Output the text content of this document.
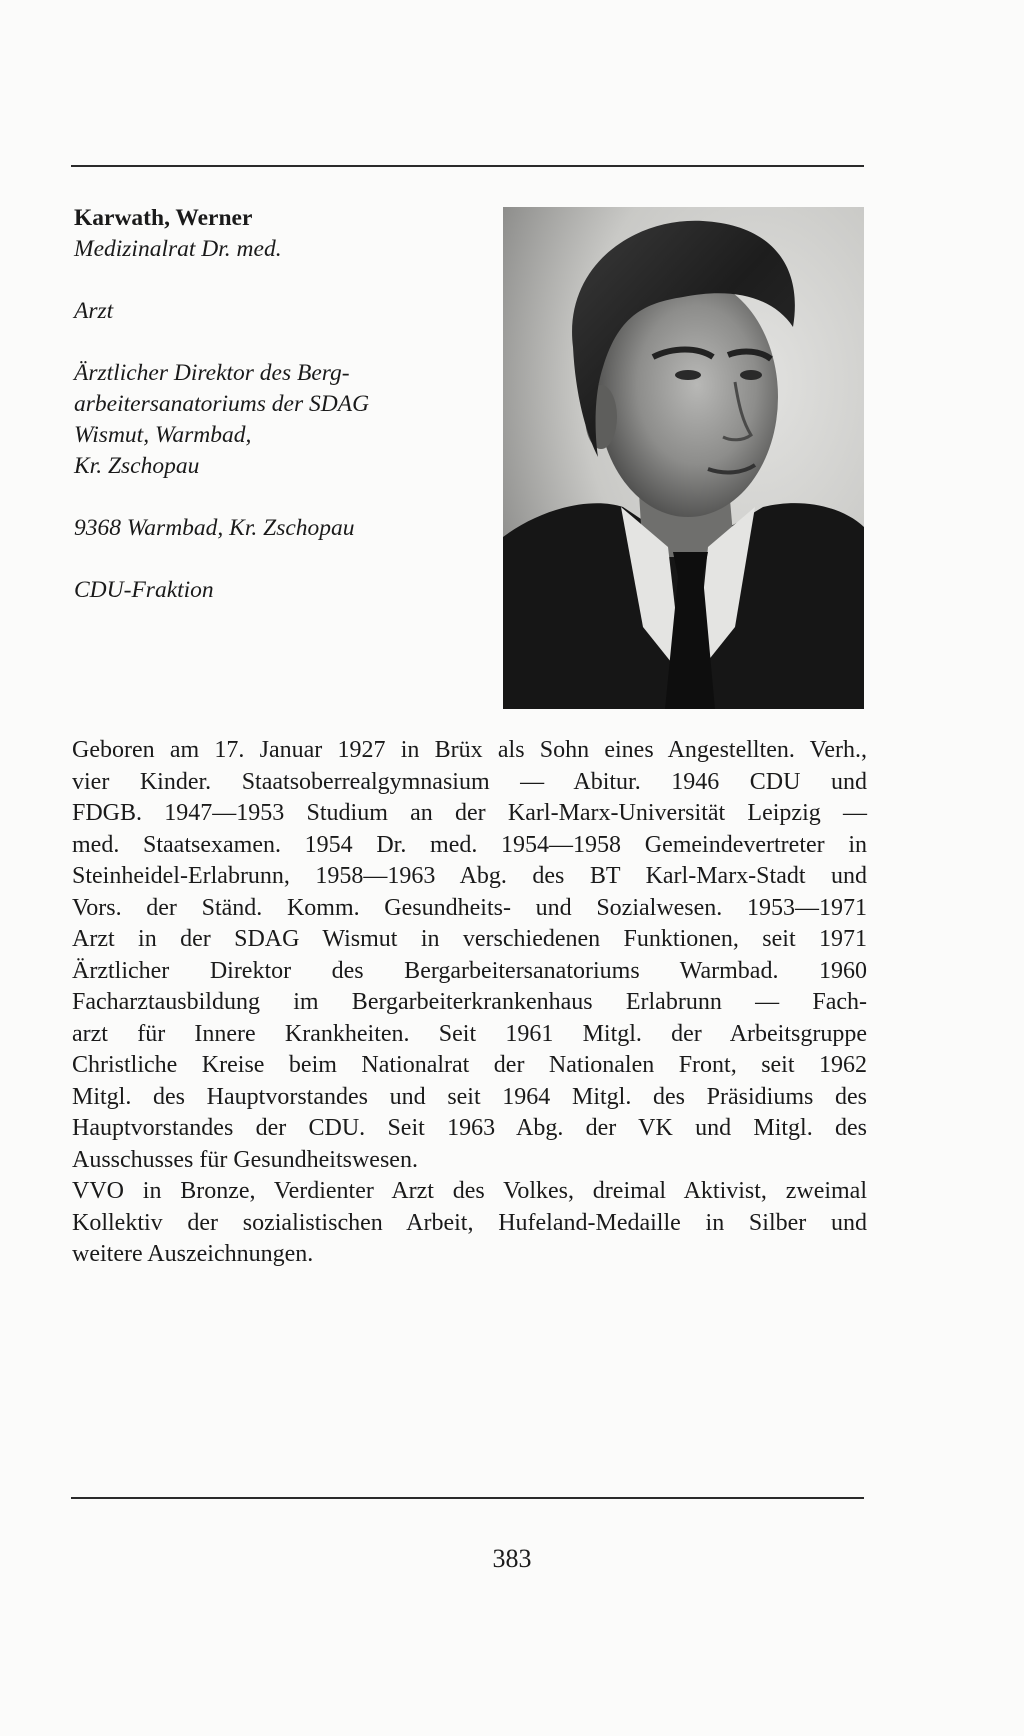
Karwath, Werner
Medizinalrat Dr. med.
Arzt
Ärztlicher Direktor des Berg-
arbeitersanatoriums der SDAG
Wismut, Warmbad,
Kr. Zschopau
9368 Warmbad, Kr. Zschopau
CDU-Fraktion
Geboren am 17. Januar 1927 in Brüx als Sohn eines Angestellten. Verh.,
vier Kinder. Staatsoberrealgymnasium — Abitur. 1946 CDU und
FDGB. 1947—1953 Studium an der Karl-Marx-Universität Leipzig —
med. Staatsexamen. 1954 Dr. med. 1954—1958 Gemeindevertreter in
Steinheidel-Erlabrunn, 1958—1963 Abg. des BT Karl-Marx-Stadt und
Vors. der Ständ. Komm. Gesundheits- und Sozialwesen. 1953—1971
Arzt in der SDAG Wismut in verschiedenen Funktionen, seit 1971
Ärztlicher Direktor des Bergarbeitersanatoriums Warmbad. 1960
Facharztausbildung im Bergarbeiterkrankenhaus Erlabrunn — Fach-
arzt für Innere Krankheiten. Seit 1961 Mitgl. der Arbeitsgruppe
Christliche Kreise beim Nationalrat der Nationalen Front, seit 1962
Mitgl. des Hauptvorstandes und seit 1964 Mitgl. des Präsidiums des
Hauptvorstandes der CDU. Seit 1963 Abg. der VK und Mitgl. des
Ausschusses für Gesundheitswesen.
VVO in Bronze, Verdienter Arzt des Volkes, dreimal Aktivist, zweimal
Kollektiv der sozialistischen Arbeit, Hufeland-Medaille in Silber und
weitere Auszeichnungen.
383
